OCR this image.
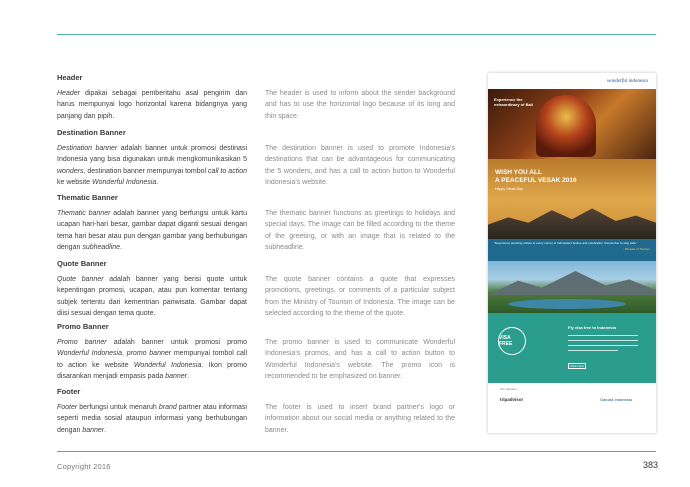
Header

Header dipakai sebagai pemberitahu asal pengirim dan harus mempunyai logo horizontal karena bidangnya yang panjang dan pipih.

The header is used to inform about the sender background and has to use the horizontal logo because of its long and thin space.

Destination Banner

Destination banner adalah banner untuk promosi destinasi Indonesia yang bisa digunakan untuk mengkomunikasikan 5 wonders, destination banner mempunyai tombol call to action ke website Wonderful Indonesia.

The destination banner is used to promote Indonesia's destinations that can be advantageous for communicating the 5 wonders, and has a call to action button to Wonderful Indonesia's website.

Thematic Banner

Thematic banner adalah banner yang berfungsi untuk kartu ucapan hari-hari besar, gambar dapat diganti sesuai dengan tema hari besar atau pun dengan gambar yang berhubungan dengan subheadline.

The thematic banner functions as greetings to holidays and special days. The image can be filled according to the theme of the greeting, or with an image that is related to the subheadline.

Quote Banner

Quote banner adalah banner yang berisi quote untuk kepentingan promosi, ucapan, atau pun komentar tentang subjek tertentu dari kementrian pariwisata. Gambar dapat diisi sesuai dengan tema quote.

The quote banner contains a quote that expresses promotions, greetings, or comments of a particular subject from the Ministry of Tourism of Indonesia. The image can be selected according to the theme of the quote.

Promo Banner

Promo banner adalah banner untuk promosi promo Wonderful Indonesia, promo banner mempunyai tombol call to action ke website Wonderful Indonesia. Ikon promo disarankan menjadi empasis pada banner.

The promo banner is used to communicate Wonderful Indonesia's promos, and has a call to action button to Wonderful Indonesia's website. The promo icon is recommended to be emphasized on banner.

Footer

Footer berfungsi untuk menaruh brand partner atau informasi seperti media sosial ataupun informasi yang berhubungan dengan banner.

The footer is used to insert brand partner's logo or information about our social media or anything related to the banner.

wonderful indonesia
Experience the extraordinary of Bali
WISH YOU ALL
A PEACEFUL VESAK 2016
Happy Vesak Day
"Experience amazing culture in every corner of Indonesia's festive and celebration. Remember to stay safe."
- Minister of Tourism
VISA FREE
Fly visa free to Indonesia
Click Here
Our partners
tripadvisor	Garuda Indonesia
Copyright 2016	383
